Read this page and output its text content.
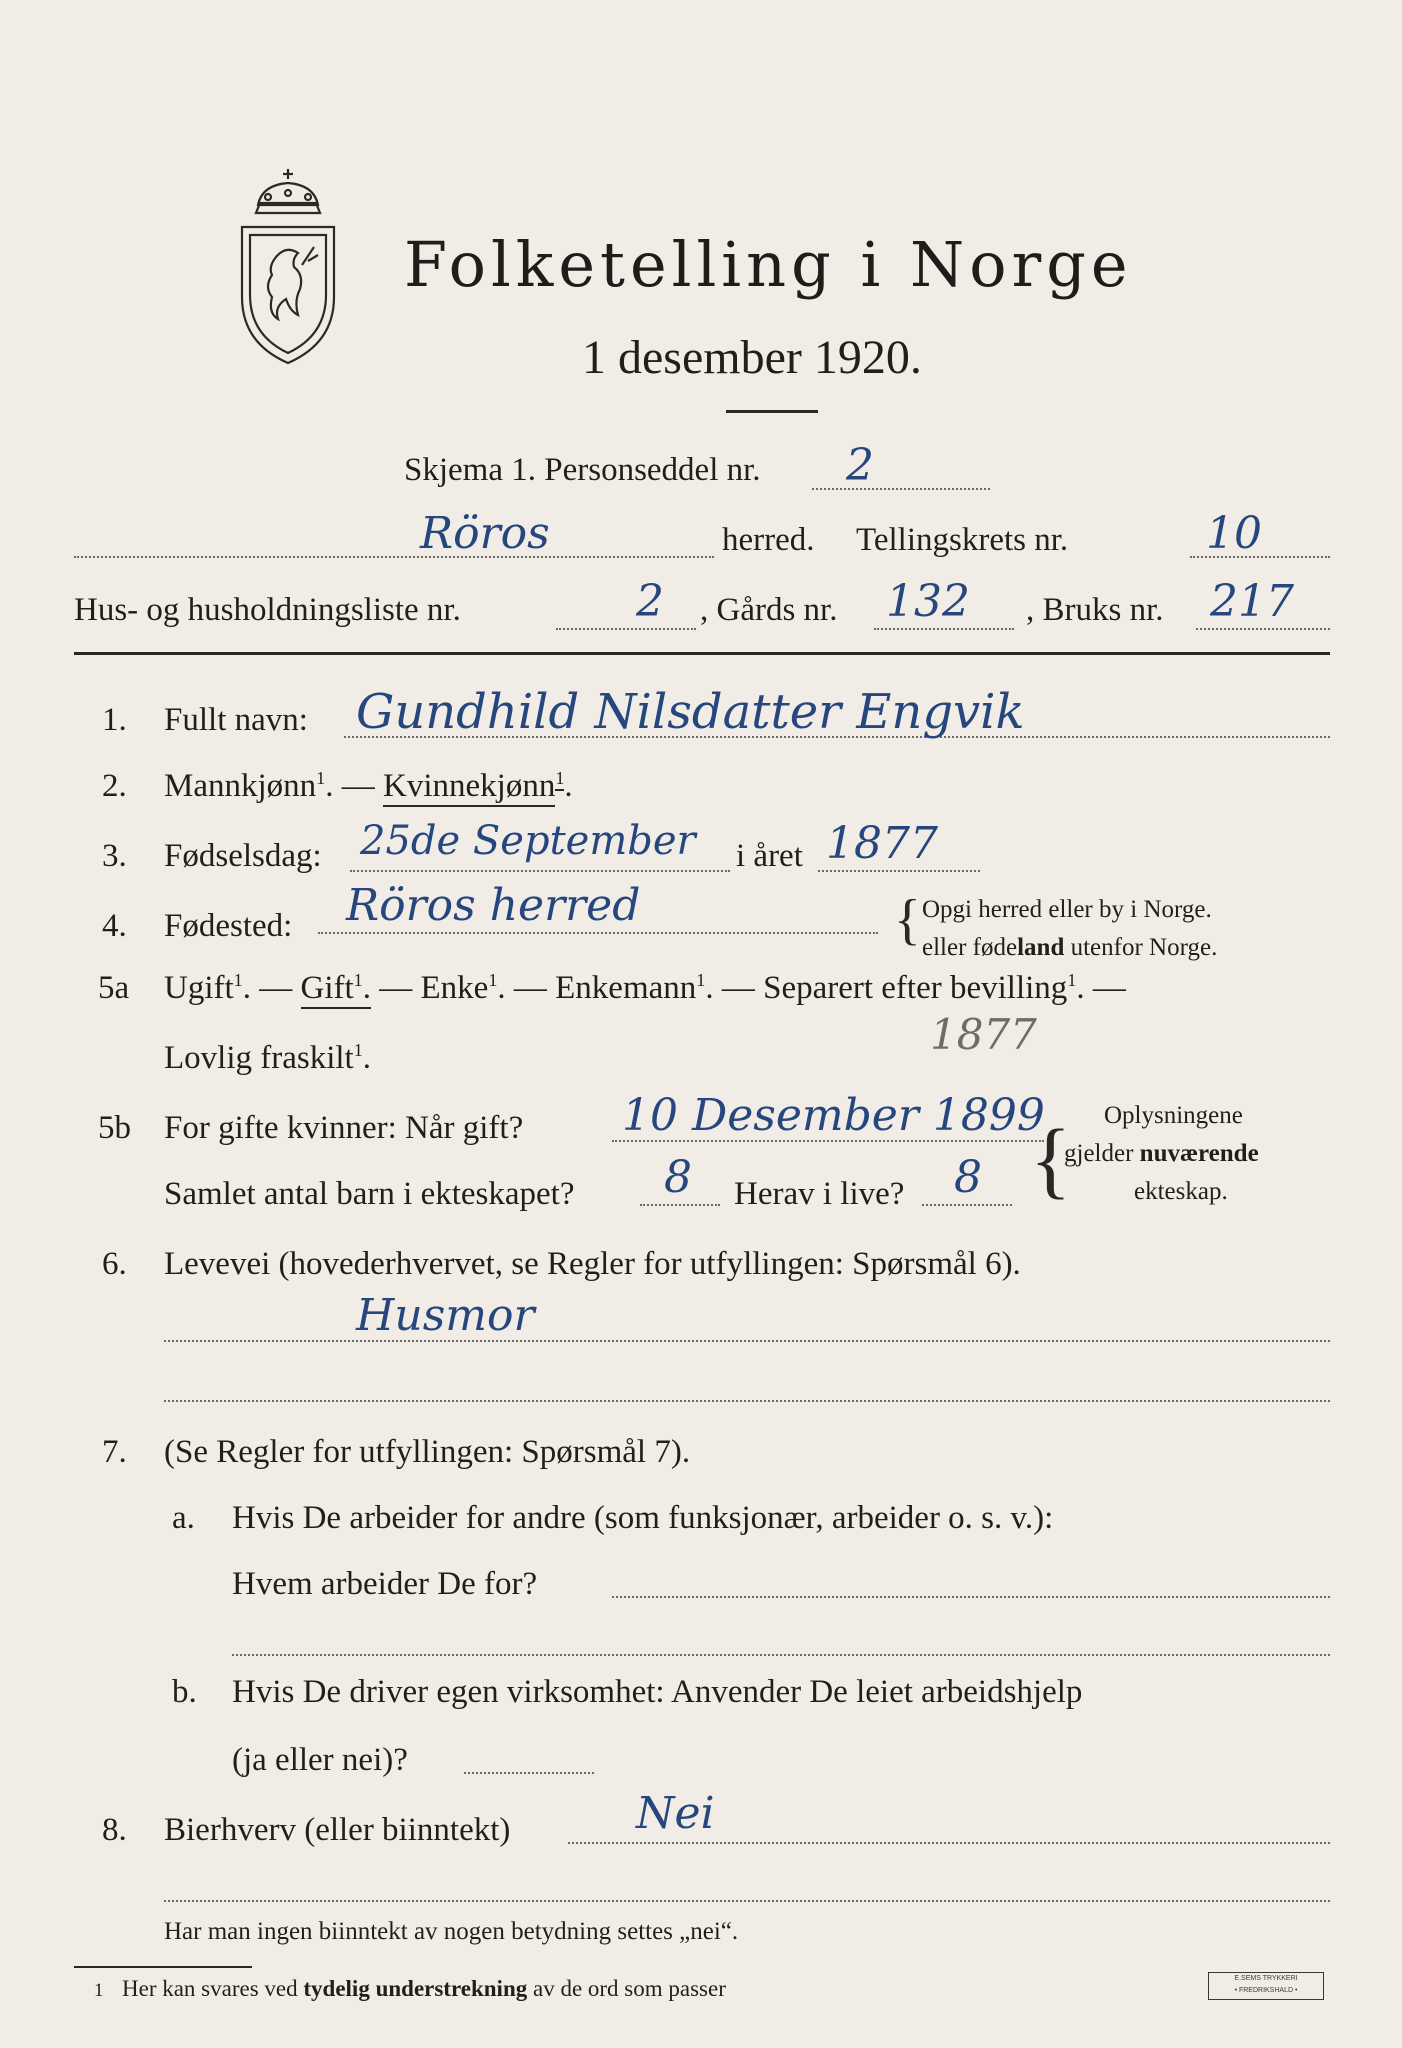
Folketelling i Norge
1 desember 1920.
Skjema 1. Personseddel nr. 2
Röros	herred. Tellingskrets nr.	10
Hus- og husholdningsliste nr.	2 , Gårds nr. 132 , Bruks nr. 217
1. Fullt navn: Gundhild Nilsdatter Engvik
2. Mannkjønn$^1$. — Kvinnekjønn$^1$.
3. Fødselsdag: 25de September i året 1877
4. Fødested: Röros herred	{ Opgi herred eller by i Norge.
eller fødeland utenfor Norge.
5a Ugift$^1$. — Gift$^1$. — Enke$^1$. — Enkemann$^1$. — Separert efter bevilling$^1$. —
Lovlig fraskilt$^1$.	1877
5b For gifte kvinner: Når gift? 10 Desember 1899
Samlet antal barn i ekteskapet? 8 Herav i live? 8 { Oplysningene
gjelder nuværende
ekteskap.
6. Levevei (hovederhvervet, se Regler for utfyllingen: Spørsmål 6).
Husmor
7. (Se Regler for utfyllingen: Spørsmål 7).
a. Hvis De arbeider for andre (som funksjonær, arbeider o. s. v.):
Hvem arbeider De for?
b. Hvis De driver egen virksomhet: Anvender De leiet arbeidshjelp
(ja eller nei)?
8. Bierhverv (eller biinntekt)	Nei
Har man ingen biinntekt av nogen betydning settes „nei“.
1 Her kan svares ved tydelig understrekning av de ord som passer	E.SEMS TRYKKERI
• FREDRIKSHALD •
